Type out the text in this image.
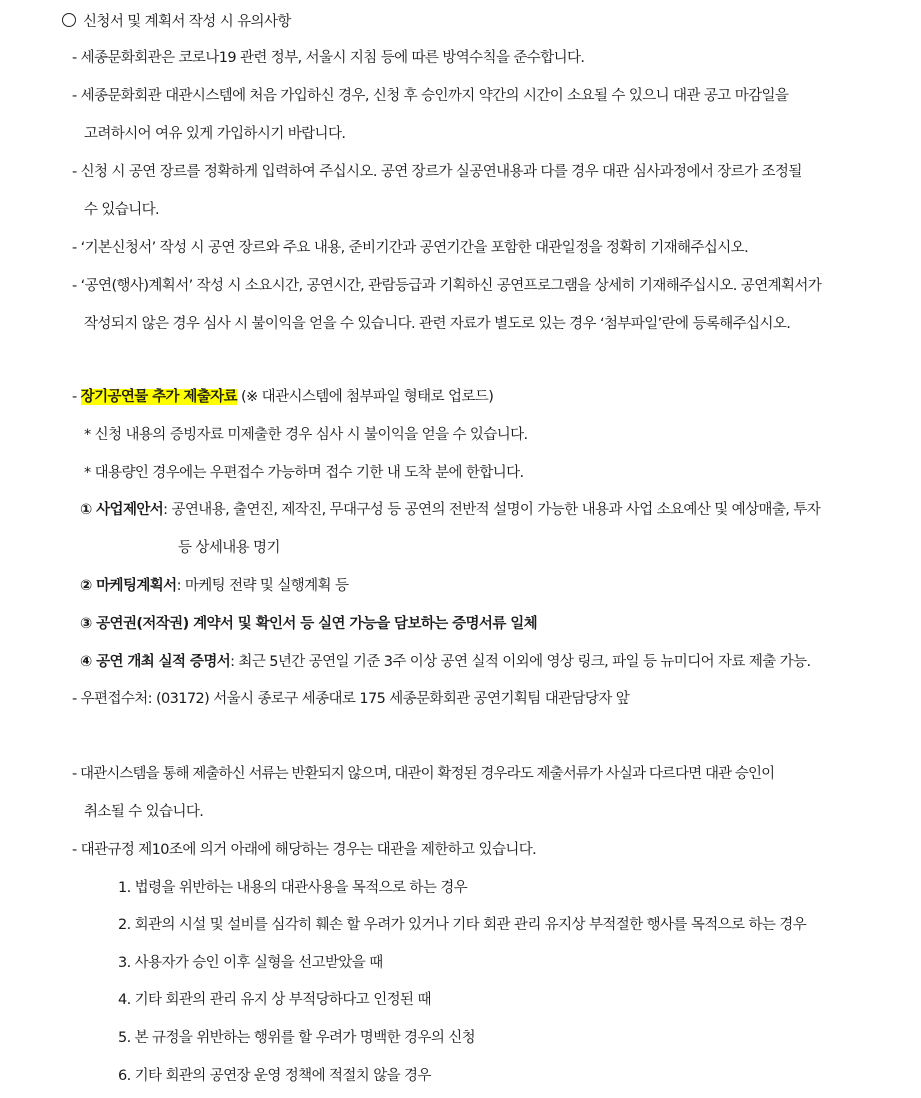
신청서 및 계획서 작성 시 유의사항
- 세종문화회관은 코로나19 관련 정부, 서울시 지침 등에 따른 방역수칙을 준수합니다.
- 세종문화회관 대관시스템에 처음 가입하신 경우, 신청 후 승인까지 약간의 시간이 소요될 수 있으니 대관 공고 마감일을
고려하시어 여유 있게 가입하시기 바랍니다.
- 신청 시 공연 장르를 정확하게 입력하여 주십시오. 공연 장르가 실공연내용과 다를 경우 대관 심사과정에서 장르가 조정될
수 있습니다.
- ‘기본신청서’ 작성 시 공연 장르와 주요 내용, 준비기간과 공연기간을 포함한 대관일정을 정확히 기재해주십시오.
- ‘공연(행사)계획서’ 작성 시 소요시간, 공연시간, 관람등급과 기획하신 공연프로그램을 상세히 기재해주십시오. 공연계획서가
작성되지 않은 경우 심사 시 불이익을 얻을 수 있습니다. 관련 자료가 별도로 있는 경우 ‘첨부파일’란에 등록해주십시오.
- 장기공연물 추가 제출자료 (※ 대관시스템에 첨부파일 형태로 업로드)
* 신청 내용의 증빙자료 미제출한 경우 심사 시 불이익을 얻을 수 있습니다.
* 대용량인 경우에는 우편접수 가능하며 접수 기한 내 도착 분에 한합니다.
① 사업제안서: 공연내용, 출연진, 제작진, 무대구성 등 공연의 전반적 설명이 가능한 내용과 사업 소요예산 및 예상매출, 투자
등 상세내용 명기
② 마케팅계획서: 마케팅 전략 및 실행계획 등
③ 공연권(저작권) 계약서 및 확인서 등 실연 가능을 담보하는 증명서류 일체
④ 공연 개최 실적 증명서: 최근 5년간 공연일 기준 3주 이상 공연 실적 이외에 영상 링크, 파일 등 뉴미디어 자료 제출 가능.
- 우편접수처: (03172) 서울시 종로구 세종대로 175 세종문화회관 공연기획팀 대관담당자 앞
- 대관시스템을 통해 제출하신 서류는 반환되지 않으며, 대관이 확정된 경우라도 제출서류가 사실과 다르다면 대관 승인이
취소될 수 있습니다.
- 대관규정 제10조에 의거 아래에 해당하는 경우는 대관을 제한하고 있습니다.
1. 법령을 위반하는 내용의 대관사용을 목적으로 하는 경우
2. 회관의 시설 및 설비를 심각히 훼손 할 우려가 있거나 기타 회관 관리 유지상 부적절한 행사를 목적으로 하는 경우
3. 사용자가 승인 이후 실형을 선고받았을 때
4. 기타 회관의 관리 유지 상 부적당하다고 인정된 때
5. 본 규정을 위반하는 행위를 할 우려가 명백한 경우의 신청
6. 기타 회관의 공연장 운영 정책에 적절치 않을 경우
